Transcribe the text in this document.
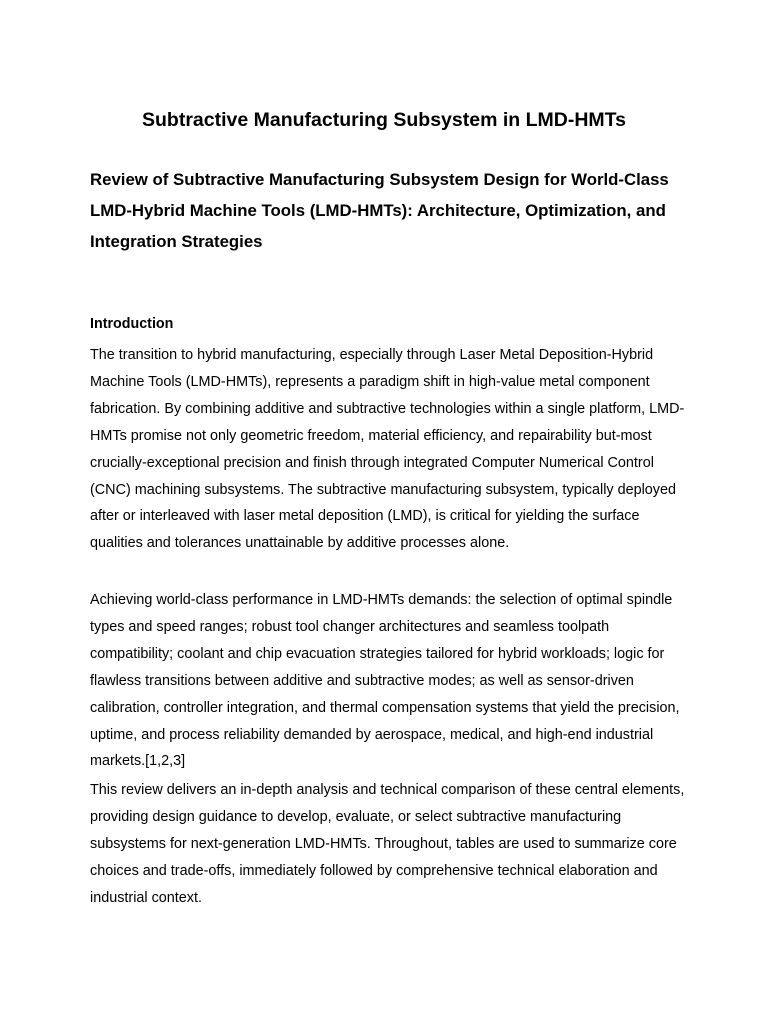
Subtractive Manufacturing Subsystem in LMD-HMTs
Review of Subtractive Manufacturing Subsystem Design for World-Class LMD-Hybrid Machine Tools (LMD-HMTs): Architecture, Optimization, and Integration Strategies
Introduction

The transition to hybrid manufacturing, especially through Laser Metal Deposition-Hybrid Machine Tools (LMD-HMTs), represents a paradigm shift in high-value metal component fabrication. By combining additive and subtractive technologies within a single platform, LMD-HMTs promise not only geometric freedom, material efficiency, and repairability but-most crucially-exceptional precision and finish through integrated Computer Numerical Control (CNC) machining subsystems. The subtractive manufacturing subsystem, typically deployed after or interleaved with laser metal deposition (LMD), is critical for yielding the surface qualities and tolerances unattainable by additive processes alone.

Achieving world-class performance in LMD-HMTs demands: the selection of optimal spindle types and speed ranges; robust tool changer architectures and seamless toolpath compatibility; coolant and chip evacuation strategies tailored for hybrid workloads; logic for flawless transitions between additive and subtractive modes; as well as sensor-driven calibration, controller integration, and thermal compensation systems that yield the precision, uptime, and process reliability demanded by aerospace, medical, and high-end industrial markets.[1,2,3]

This review delivers an in-depth analysis and technical comparison of these central elements, providing design guidance to develop, evaluate, or select subtractive manufacturing subsystems for next-generation LMD-HMTs. Throughout, tables are used to summarize core choices and trade-offs, immediately followed by comprehensive technical elaboration and industrial context.
